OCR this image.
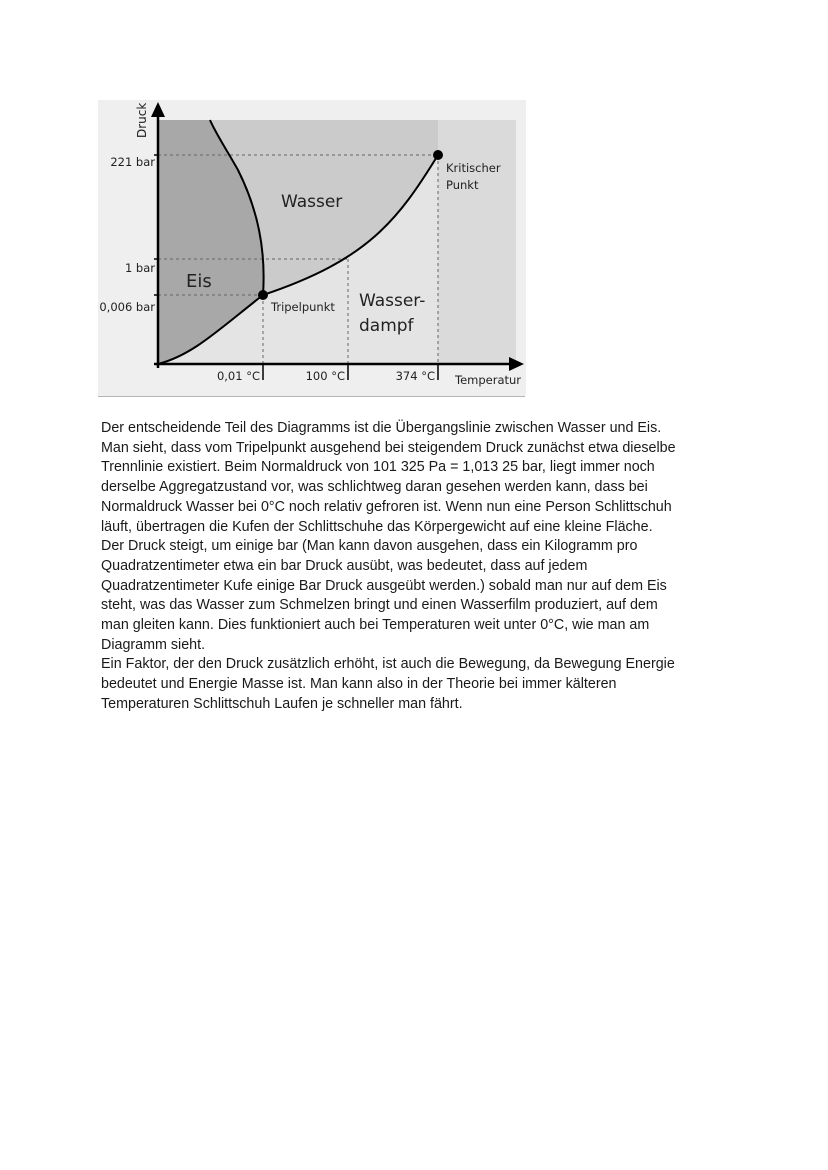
Druck
Temperatur
221 bar
1 bar
0,006 bar
0,01 °C	100 °C	374 °C
Eis
Wasser
Wasser-
dampf
Tripelpunkt
Kritischer
Punkt

Der entscheidende Teil des Diagramms ist die Übergangslinie zwischen Wasser und Eis.

Man sieht, dass vom Tripelpunkt ausgehend bei steigendem Druck zunächst etwa dieselbe

Trennlinie existiert. Beim Normaldruck von 101 325 Pa = 1,013 25 bar, liegt immer noch

derselbe Aggregatzustand vor, was schlichtweg daran gesehen werden kann, dass bei

Normaldruck Wasser bei 0°C noch relativ gefroren ist. Wenn nun eine Person Schlittschuh

läuft, übertragen die Kufen der Schlittschuhe das Körpergewicht auf eine kleine Fläche.

Der Druck steigt, um einige bar (Man kann davon ausgehen, dass ein Kilogramm pro

Quadratzentimeter etwa ein bar Druck ausübt, was bedeutet, dass auf jedem

Quadratzentimeter Kufe einige Bar Druck ausgeübt werden.) sobald man nur auf dem Eis

steht, was das Wasser zum Schmelzen bringt und einen Wasserfilm produziert, auf dem

man gleiten kann. Dies funktioniert auch bei Temperaturen weit unter 0°C, wie man am

Diagramm sieht.

Ein Faktor, der den Druck zusätzlich erhöht, ist auch die Bewegung, da Bewegung Energie

bedeutet und Energie Masse ist. Man kann also in der Theorie bei immer kälteren

Temperaturen Schlittschuh Laufen je schneller man fährt.
